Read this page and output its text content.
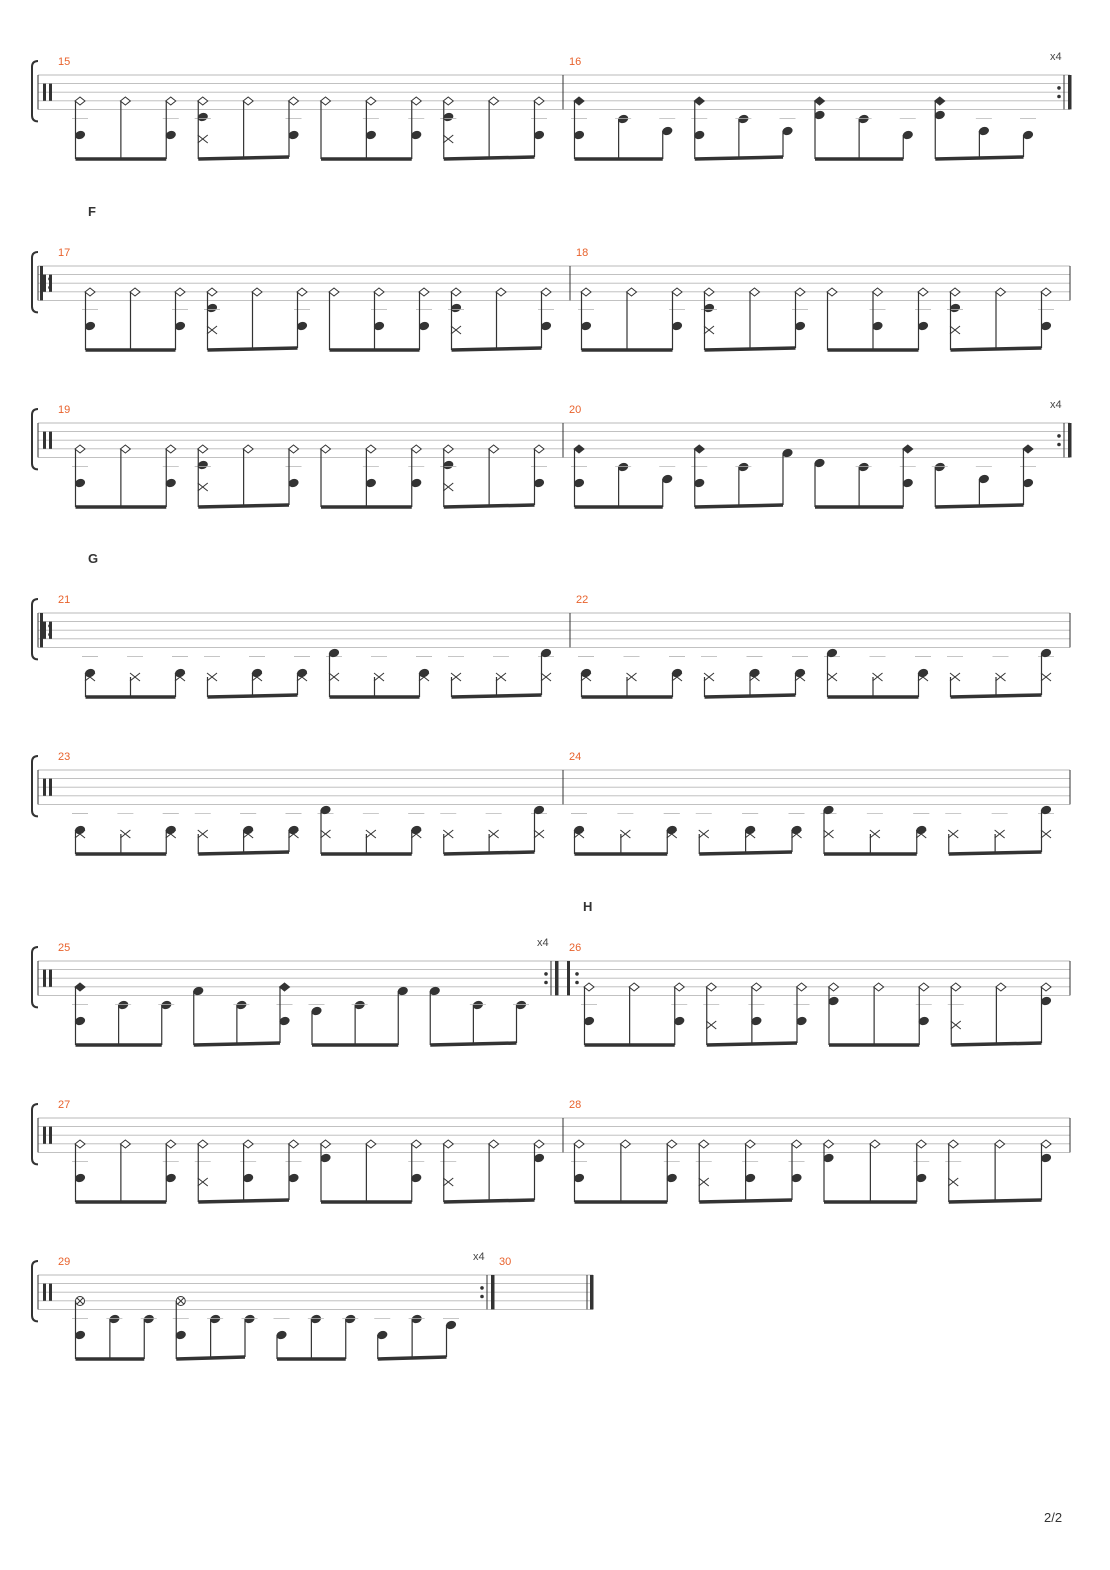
15	16	x4
F
17	18
19	20	x4
G
21	22
23	24
25	x4 26
H
27	28
29	x4 30
2/2
